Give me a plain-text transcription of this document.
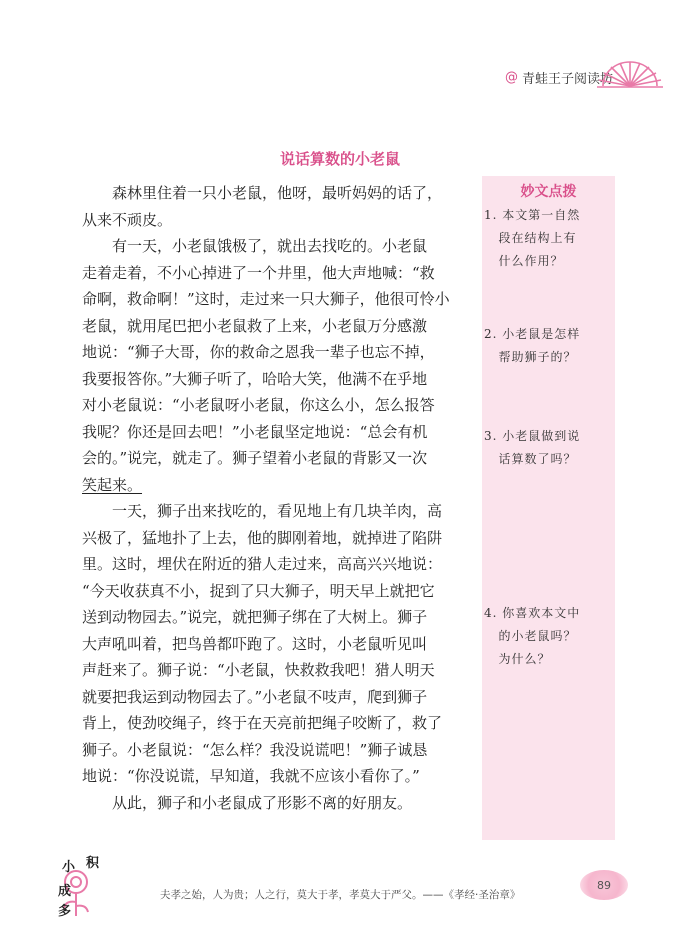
@ 青蛙王子阅读坊
说话算数的小老鼠
妙文点拨
1. 本文第一自然
段在结构上有
什么作用？
2. 小老鼠是怎样
帮助狮子的？
3. 小老鼠做到说
话算数了吗？
4. 你喜欢本文中
的小老鼠吗？
为什么？

　　森林里住着一只小老鼠，他呀，最听妈妈的话了，
从来不顽皮。

　　有一天，小老鼠饿极了，就出去找吃的。小老鼠
走着走着，不小心掉进了一个井里，他大声地喊：“救
命啊，救命啊！”这时，走过来一只大狮子，他很可怜小
老鼠，就用尾巴把小老鼠救了上来，小老鼠万分感激
地说：“狮子大哥，你的救命之恩我一辈子也忘不掉，
我要报答你。”大狮子听了，哈哈大笑，他满不在乎地
对小老鼠说：“小老鼠呀小老鼠，你这么小，怎么报答
我呢？你还是回去吧！”小老鼠坚定地说：“总会有机
会的。”说完，就走了。狮子望着小老鼠的背影又一次
笑起来。

　　一天，狮子出来找吃的，看见地上有几块羊肉，高
兴极了，猛地扑了上去，他的脚刚着地，就掉进了陷阱
里。这时，埋伏在附近的猎人走过来，高高兴兴地说：
“今天收获真不小，捉到了只大狮子，明天早上就把它
送到动物园去。”说完，就把狮子绑在了大树上。狮子
大声吼叫着，把鸟兽都吓跑了。这时，小老鼠听见叫
声赶来了。狮子说：“小老鼠，快救救我吧！猎人明天
就要把我运到动物园去了。”小老鼠不吱声，爬到狮子
背上，使劲咬绳子，终于在天亮前把绳子咬断了，救了
狮子。小老鼠说：“怎么样？我没说谎吧！”狮子诚恳
地说：“你没说谎，早知道，我就不应该小看你了。”

　　从此，狮子和小老鼠成了形影不离的好朋友。

小 积
成
多
夫孝之始，人为贵；人之行，莫大于孝，孝莫大于严父。——《孝经·圣治章》
89
